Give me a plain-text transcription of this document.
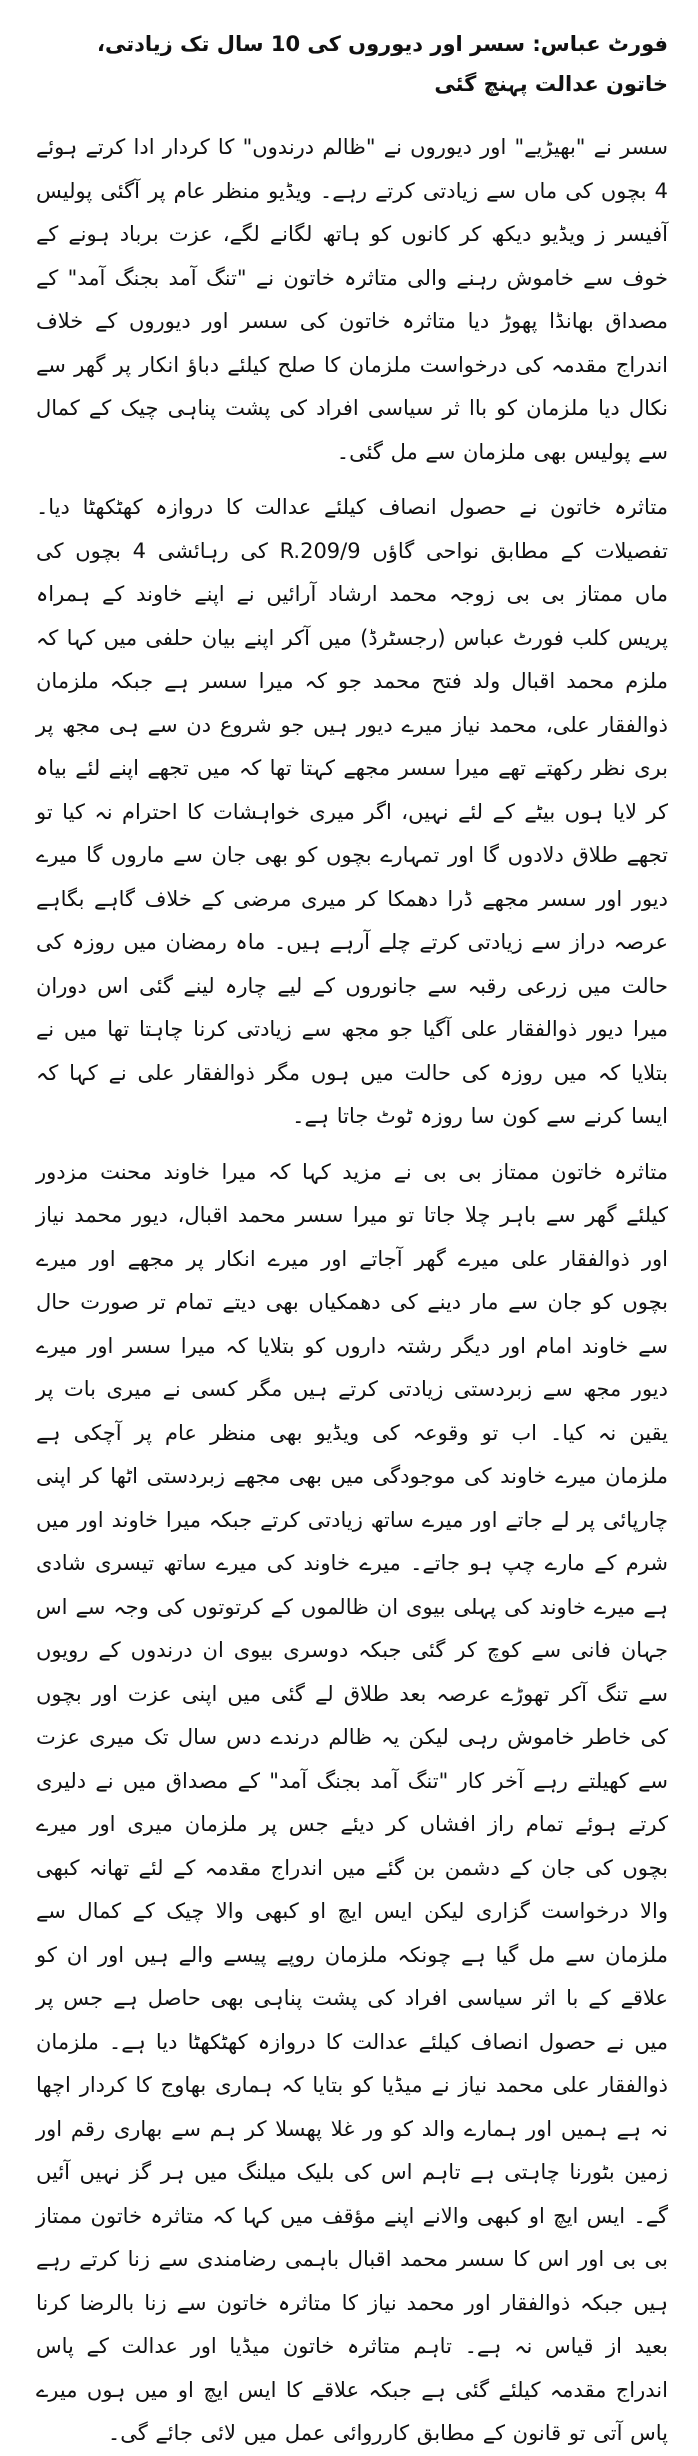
فورٹ عباس: سسر اور دیوروں کی 10 سال تک زیادتی، خاتون عدالت پہنچ گئی

سسر نے "بھیڑیے" اور دیوروں نے "ظالم درندوں" کا کردار ادا کرتے ہوئے 4 بچوں کی ماں سے زیادتی کرتے رہے۔ ویڈیو منظر عام پر آگئی پولیس آفیسر ز ویڈیو دیکھ کر کانوں کو ہاتھ لگانے لگے، عزت برباد ہونے کے خوف سے خاموش رہنے والی متاثرہ خاتون نے "تنگ آمد بجنگ آمد" کے مصداق بھانڈا پھوڑ دیا متاثرہ خاتون کی سسر اور دیوروں کے خلاف اندراج مقدمہ کی درخواست ملزمان کا صلح کیلئے دباؤ انکار پر گھر سے نکال دیا ملزمان کو باا ثر سیاسی افراد کی پشت پناہی چیک کے کمال سے پولیس بھی ملزمان سے مل گئی۔

متاثرہ خاتون نے حصول انصاف کیلئے عدالت کا دروازہ کھٹکھٹا دیا۔ تفصیلات کے مطابق نواحی گاؤں 9/R.209 کی رہائشی 4 بچوں کی ماں ممتاز بی بی زوجہ محمد ارشاد آرائیں نے اپنے خاوند کے ہمراہ پریس کلب فورٹ عباس (رجسٹرڈ) میں آکر اپنے بیان حلفی میں کہا کہ ملزم محمد اقبال ولد فتح محمد جو کہ میرا سسر ہے جبکہ ملزمان ذوالفقار علی، محمد نیاز میرے دیور ہیں جو شروع دن سے ہی مجھ پر بری نظر رکھتے تھے میرا سسر مجھے کہتا تھا کہ میں تجھے اپنے لئے بیاہ کر لایا ہوں بیٹے کے لئے نہیں، اگر میری خواہشات کا احترام نہ کیا تو تجھے طلاق دلادوں گا اور تمہارے بچوں کو بھی جان سے ماروں گا میرے دیور اور سسر مجھے ڈرا دھمکا کر میری مرضی کے خلاف گاہے بگاہے عرصہ دراز سے زیادتی کرتے چلے آرہے ہیں۔ ماہ رمضان میں روزہ کی حالت میں زرعی رقبہ سے جانوروں کے لیے چارہ لینے گئی اس دوران میرا دیور ذوالفقار علی آگیا جو مجھ سے زیادتی کرنا چاہتا تھا میں نے بتلایا کہ میں روزہ کی حالت میں ہوں مگر ذوالفقار علی نے کہا کہ ایسا کرنے سے کون سا روزہ ٹوٹ جاتا ہے۔

متاثرہ خاتون ممتاز بی بی نے مزید کہا کہ میرا خاوند محنت مزدور کیلئے گھر سے باہر چلا جاتا تو میرا سسر محمد اقبال، دیور محمد نیاز اور ذوالفقار علی میرے گھر آجاتے اور میرے انکار پر مجھے اور میرے بچوں کو جان سے مار دینے کی دھمکیاں بھی دیتے تمام تر صورت حال سے خاوند امام اور دیگر رشتہ داروں کو بتلایا کہ میرا سسر اور میرے دیور مجھ سے زبردستی زیادتی کرتے ہیں مگر کسی نے میری بات پر یقین نہ کیا۔ اب تو وقوعہ کی ویڈیو بھی منظر عام پر آچکی ہے ملزمان میرے خاوند کی موجودگی میں بھی مجھے زبردستی اٹھا کر اپنی چارپائی پر لے جاتے اور میرے ساتھ زیادتی کرتے جبکہ میرا خاوند اور میں شرم کے مارے چپ ہو جاتے۔ میرے خاوند کی میرے ساتھ تیسری شادی ہے میرے خاوند کی پہلی بیوی ان ظالموں کے کرتوتوں کی وجہ سے اس جہان فانی سے کوچ کر گئی جبکہ دوسری بیوی ان درندوں کے رویوں سے تنگ آکر تھوڑے عرصہ بعد طلاق لے گئی میں اپنی عزت اور بچوں کی خاطر خاموش رہی لیکن یہ ظالم درندے دس سال تک میری عزت سے کھیلتے رہے آخر کار "تنگ آمد بجنگ آمد" کے مصداق میں نے دلیری کرتے ہوئے تمام راز افشاں کر دیئے جس پر ملزمان میری اور میرے بچوں کی جان کے دشمن بن گئے میں اندراج مقدمہ کے لئے تھانہ کبھی والا درخواست گزاری لیکن ایس ایچ او کبھی والا چیک کے کمال سے ملزمان سے مل گیا ہے چونکہ ملزمان روپے پیسے والے ہیں اور ان کو علاقے کے با اثر سیاسی افراد کی پشت پناہی بھی حاصل ہے جس پر میں نے حصول انصاف کیلئے عدالت کا دروازہ کھٹکھٹا دیا ہے۔ ملزمان ذوالفقار علی محمد نیاز نے میڈیا کو بتایا کہ ہماری بھاوج کا کردار اچھا نہ ہے ہمیں اور ہمارے والد کو ور غلا پھسلا کر ہم سے بھاری رقم اور زمین بٹورنا چاہتی ہے تاہم اس کی بلیک میلنگ میں ہر گز نہیں آئیں گے۔ ایس ایچ او کبھی والانے اپنے مؤقف میں کہا کہ متاثرہ خاتون ممتاز بی بی اور اس کا سسر محمد اقبال باہمی رضامندی سے زنا کرتے رہے ہیں جبکہ ذوالفقار اور محمد نیاز کا متاثرہ خاتون سے زنا بالرضا کرنا بعید از قیاس نہ ہے۔ تاہم متاثرہ خاتون میڈیا اور عدالت کے پاس اندراج مقدمہ کیلئے گئی ہے جبکہ علاقے کا ایس ایچ او میں ہوں میرے پاس آتی تو قانون کے مطابق کارروائی عمل میں لائی جائے گی۔
